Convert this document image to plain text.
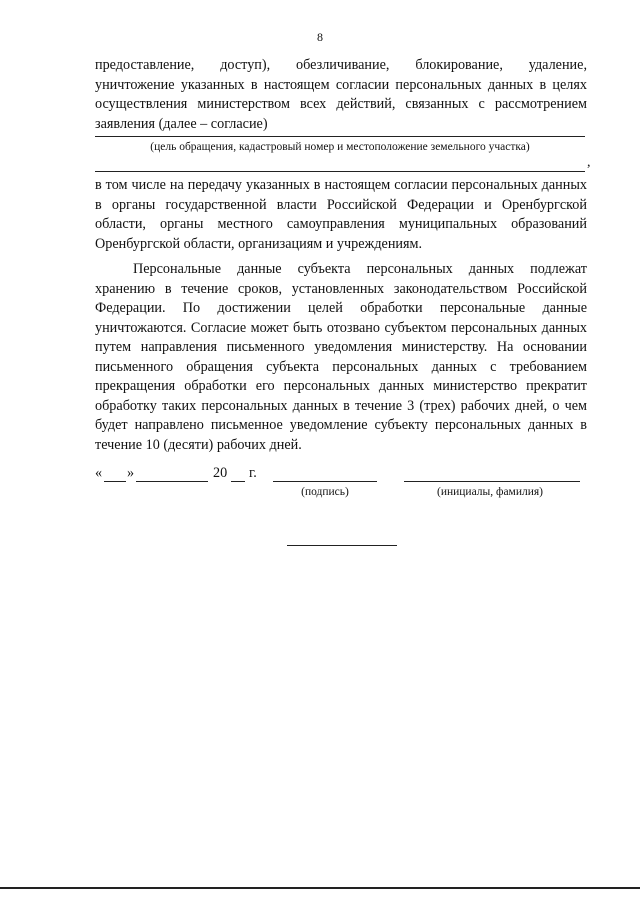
8

предоставление, доступ), обезличивание, блокирование, удаление,
уничтожение указанных в настоящем согласии персональных данных в целях осуществления министерством всех действий, связанных с рассмотрением заявления (далее – согласие)

(цель обращения, кадастровый номер и местоположение земельного участка)
,

в том числе на передачу указанных в настоящем согласии персональных данных в органы государственной власти Российской Федерации и Оренбургской области, органы местного самоуправления муниципальных образований Оренбургской области, организациям и учреждениям.

Персональные данные субъекта персональных данных подлежат хранению в течение сроков, установленных законодательством Российской Федерации. По достижении целей обработки персональные данные уничтожаются. Согласие может быть отозвано субъектом персональных данных путем направления письменного уведомления министерству. На основании письменного обращения субъекта персональных данных с требованием прекращения обработки его персональных данных министерство прекратит обработку таких персональных данных в течение 3 (трех) рабочих дней, о чем будет направлено письменное уведомление субъекту персональных данных в течение 10 (десяти) рабочих дней.

« »	20 г.
(подпись)	(инициалы, фамилия)
